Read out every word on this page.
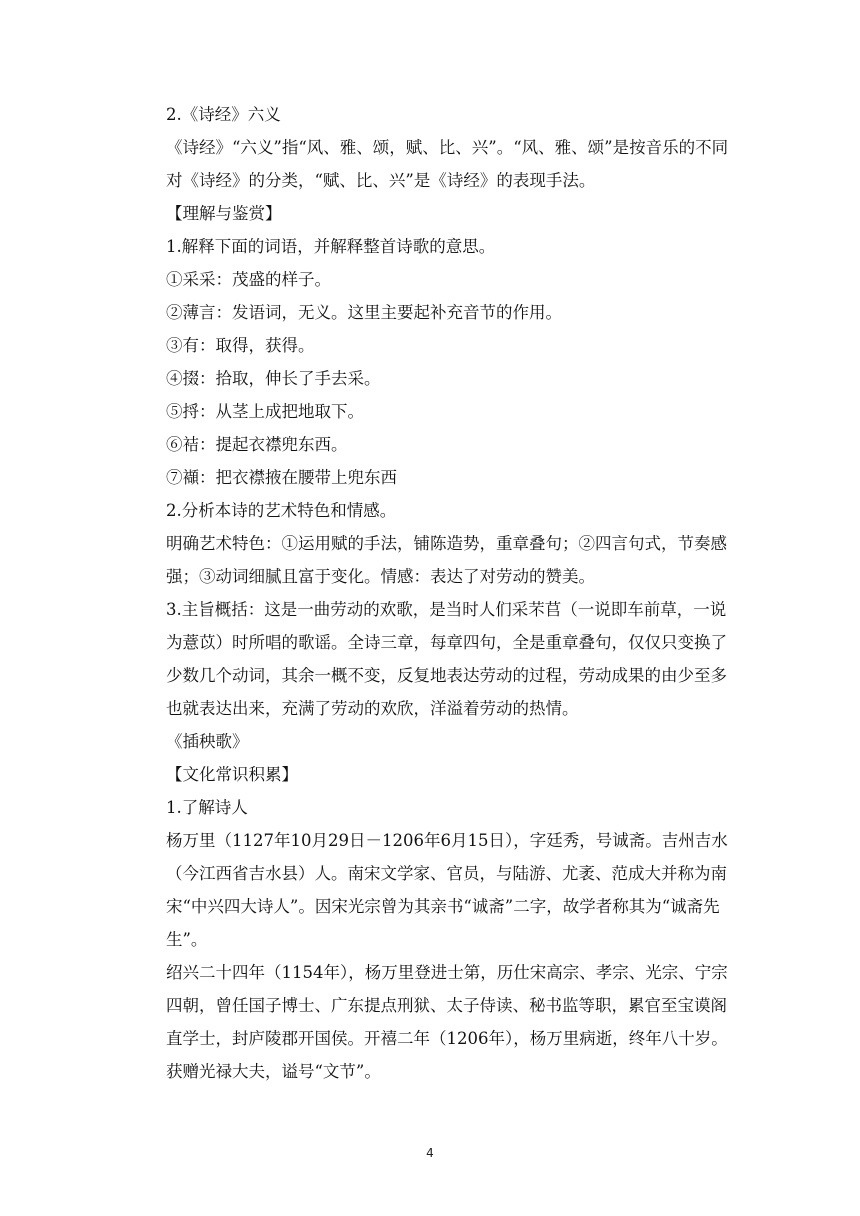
2.《诗经》六义

《诗经》“六义”指“风、雅、颂，赋、比、兴”。“风、雅、颂”是按音乐的不同对《诗经》的分类，“赋、比、兴”是《诗经》的表现手法。

【理解与鉴赏】

1.解释下面的词语，并解释整首诗歌的意思。

①采采：茂盛的样子。

②薄言：发语词，无义。这里主要起补充音节的作用。

③有：取得，获得。

④掇：拾取，伸长了手去采。

⑤捋：从茎上成把地取下。

⑥袺：提起衣襟兜东西。

⑦襭：把衣襟掖在腰带上兜东西

2.分析本诗的艺术特色和情感。

明确艺术特色：①运用赋的手法，铺陈造势，重章叠句；②四言句式，节奏感强；③动词细腻且富于变化。情感：表达了对劳动的赞美。

3.主旨概括：这是一曲劳动的欢歌，是当时人们采芣苢（一说即车前草，一说为薏苡）时所唱的歌谣。全诗三章，每章四句，全是重章叠句，仅仅只变换了少数几个动词，其余一概不变，反复地表达劳动的过程，劳动成果的由少至多也就表达出来，充满了劳动的欢欣，洋溢着劳动的热情。

《插秧歌》

【文化常识积累】

1.了解诗人

杨万里（1127年10月29日－1206年6月15日），字廷秀，号诚斋。吉州吉水（今江西省吉水县）人。南宋文学家、官员，与陆游、尤袤、范成大并称为南宋“中兴四大诗人”。因宋光宗曾为其亲书“诚斋”二字，故学者称其为“诚斋先生”。

绍兴二十四年（1154年），杨万里登进士第，历仕宋高宗、孝宗、光宗、宁宗四朝，曾任国子博士、广东提点刑狱、太子侍读、秘书监等职，累官至宝谟阁直学士，封庐陵郡开国侯。开禧二年（1206年），杨万里病逝，终年八十岁。获赠光禄大夫，谥号“文节”。

4
